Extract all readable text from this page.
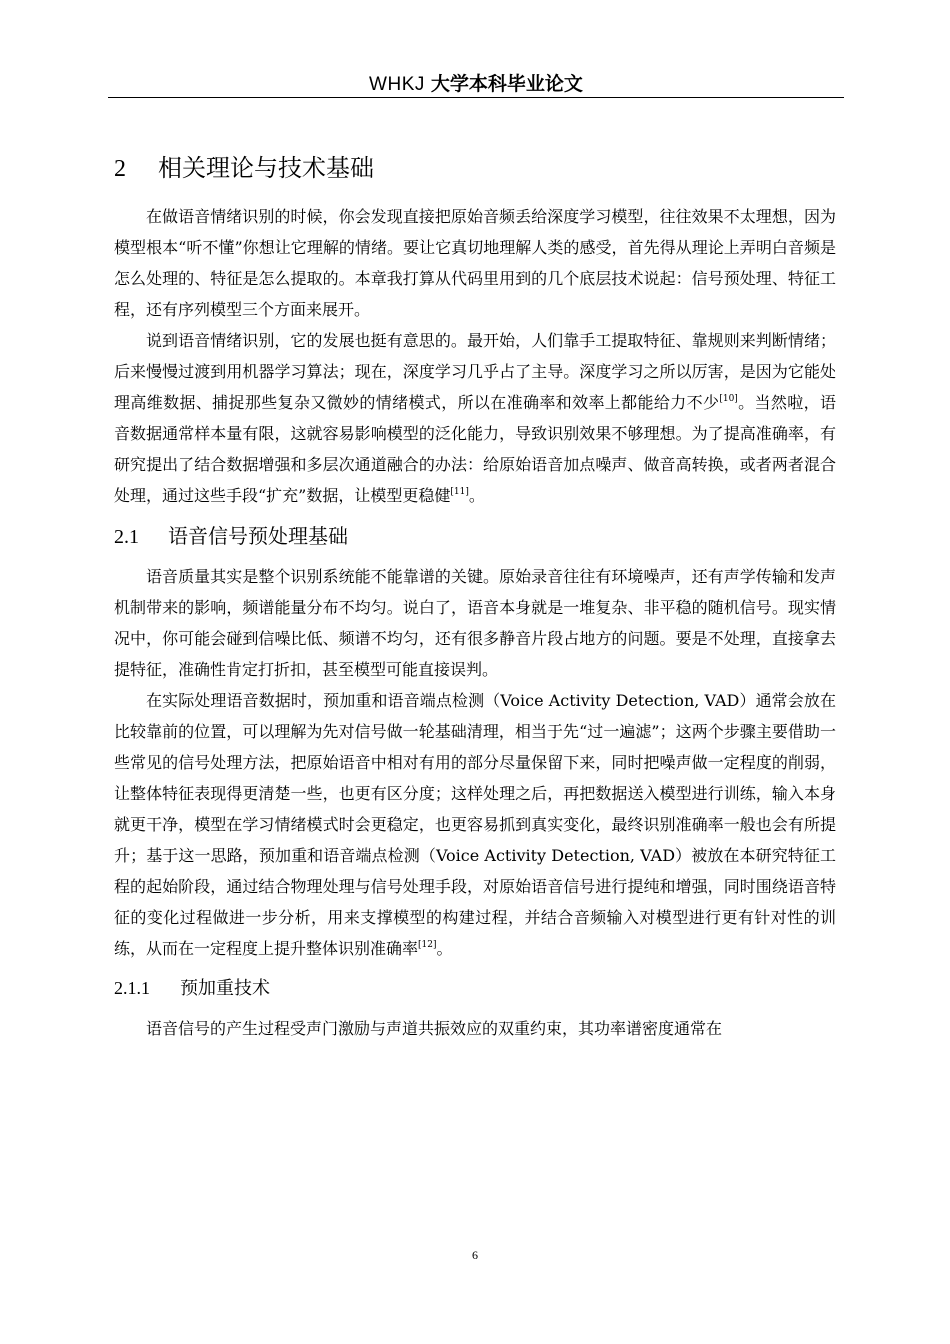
WHKJ 大学本科毕业论文
2 相关理论与技术基础

在做语音情绪识别的时候，你会发现直接把原始音频丢给深度学习模型，往往效果不太理想，因为模型根本“听不懂”你想让它理解的情绪。要让它真切地理解人类的感受，首先得从理论上弄明白音频是怎么处理的、特征是怎么提取的。本章我打算从代码里用到的几个底层技术说起：信号预处理、特征工程，还有序列模型三个方面来展开。

说到语音情绪识别，它的发展也挺有意思的。最开始，人们靠手工提取特征、靠规则来判断情绪；后来慢慢过渡到用机器学习算法；现在，深度学习几乎占了主导。深度学习之所以厉害，是因为它能处理高维数据、捕捉那些复杂又微妙的情绪模式，所以在准确率和效率上都能给力不少[10]。当然啦，语音数据通常样本量有限，这就容易影响模型的泛化能力，导致识别效果不够理想。为了提高准确率，有研究提出了结合数据增强和多层次通道融合的办法：给原始语音加点噪声、做音高转换，或者两者混合处理，通过这些手段“扩充”数据，让模型更稳健[11]。

2.1 语音信号预处理基础

语音质量其实是整个识别系统能不能靠谱的关键。原始录音往往有环境噪声，还有声学传输和发声机制带来的影响，频谱能量分布不均匀。说白了，语音本身就是一堆复杂、非平稳的随机信号。现实情况中，你可能会碰到信噪比低、频谱不均匀，还有很多静音片段占地方的问题。要是不处理，直接拿去提特征，准确性肯定打折扣，甚至模型可能直接误判。

在实际处理语音数据时，预加重和语音端点检测（Voice Activity Detection, VAD）通常会放在比较靠前的位置，可以理解为先对信号做一轮基础清理，相当于先“过一遍滤”；这两个步骤主要借助一些常见的信号处理方法，把原始语音中相对有用的部分尽量保留下来，同时把噪声做一定程度的削弱，让整体特征表现得更清楚一些，也更有区分度；这样处理之后，再把数据送入模型进行训练，输入本身就更干净，模型在学习情绪模式时会更稳定，也更容易抓到真实变化，最终识别准确率一般也会有所提升；基于这一思路，预加重和语音端点检测（Voice Activity Detection, VAD）被放在本研究特征工程的起始阶段，通过结合物理处理与信号处理手段，对原始语音信号进行提纯和增强，同时围绕语音特征的变化过程做进一步分析，用来支撑模型的构建过程，并结合音频输入对模型进行更有针对性的训练，从而在一定程度上提升整体识别准确率[12]。

2.1.1 预加重技术

语音信号的产生过程受声门激励与声道共振效应的双重约束，其功率谱密度通常在

6
